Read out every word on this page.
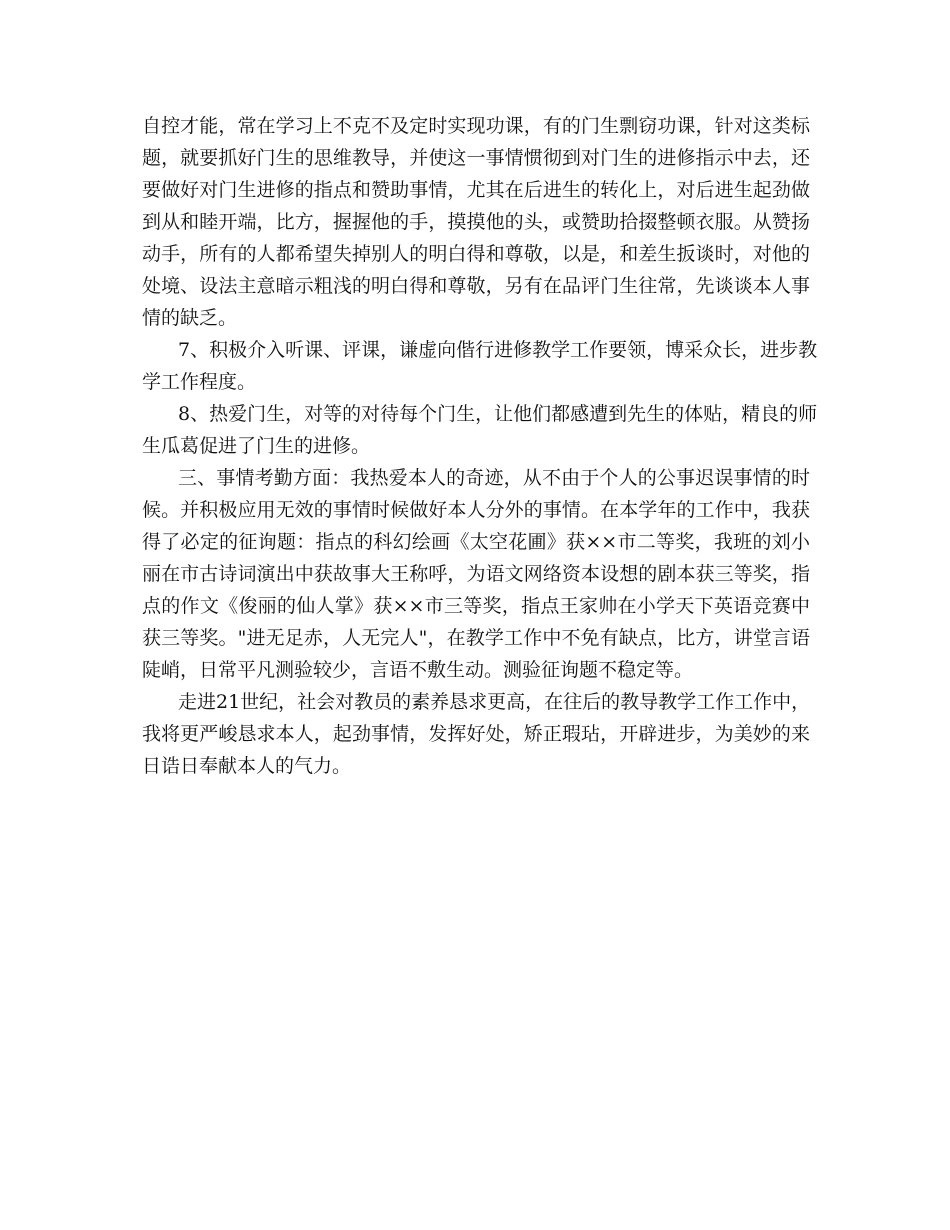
自控才能，常在学习上不克不及定时实现功课，有的门生剽窃功课，针对这类标
题，就要抓好门生的思维教导，并使这一事情惯彻到对门生的进修指示中去，还
要做好对门生进修的指点和赞助事情，尤其在后进生的转化上，对后进生起劲做
到从和睦开端，比方，握握他的手，摸摸他的头，或赞助拾掇整顿衣服。从赞扬
动手，所有的人都希望失掉别人的明白得和尊敬，以是，和差生扳谈时，对他的
处境、设法主意暗示粗浅的明白得和尊敬，另有在品评门生往常，先谈谈本人事
情的缺乏。
7、积极介入听课、评课，谦虚向偕行进修教学工作要领，博采众长，进步教
学工作程度。
8、热爱门生，对等的对待每个门生，让他们都感遭到先生的体贴，精良的师
生瓜葛促进了门生的进修。
三、事情考勤方面：我热爱本人的奇迹，从不由于个人的公事迟误事情的时
候。并积极应用无效的事情时候做好本人分外的事情。在本学年的工作中，我获
得了必定的征询题：指点的科幻绘画《太空花圃》获××市二等奖，我班的刘小
丽在市古诗词演出中获故事大王称呼，为语文网络资本设想的剧本获三等奖，指
点的作文《俊丽的仙人掌》获××市三等奖，指点王家帅在小学天下英语竞赛中
获三等奖。"进无足赤，人无完人"，在教学工作中不免有缺点，比方，讲堂言语
陡峭，日常平凡测验较少，言语不敷生动。测验征询题不稳定等。
走进21世纪，社会对教员的素养恳求更高，在往后的教导教学工作工作中，
我将更严峻恳求本人，起劲事情，发挥好处，矫正瑕玷，开辟进步，为美妙的来
日诰日奉献本人的气力。
